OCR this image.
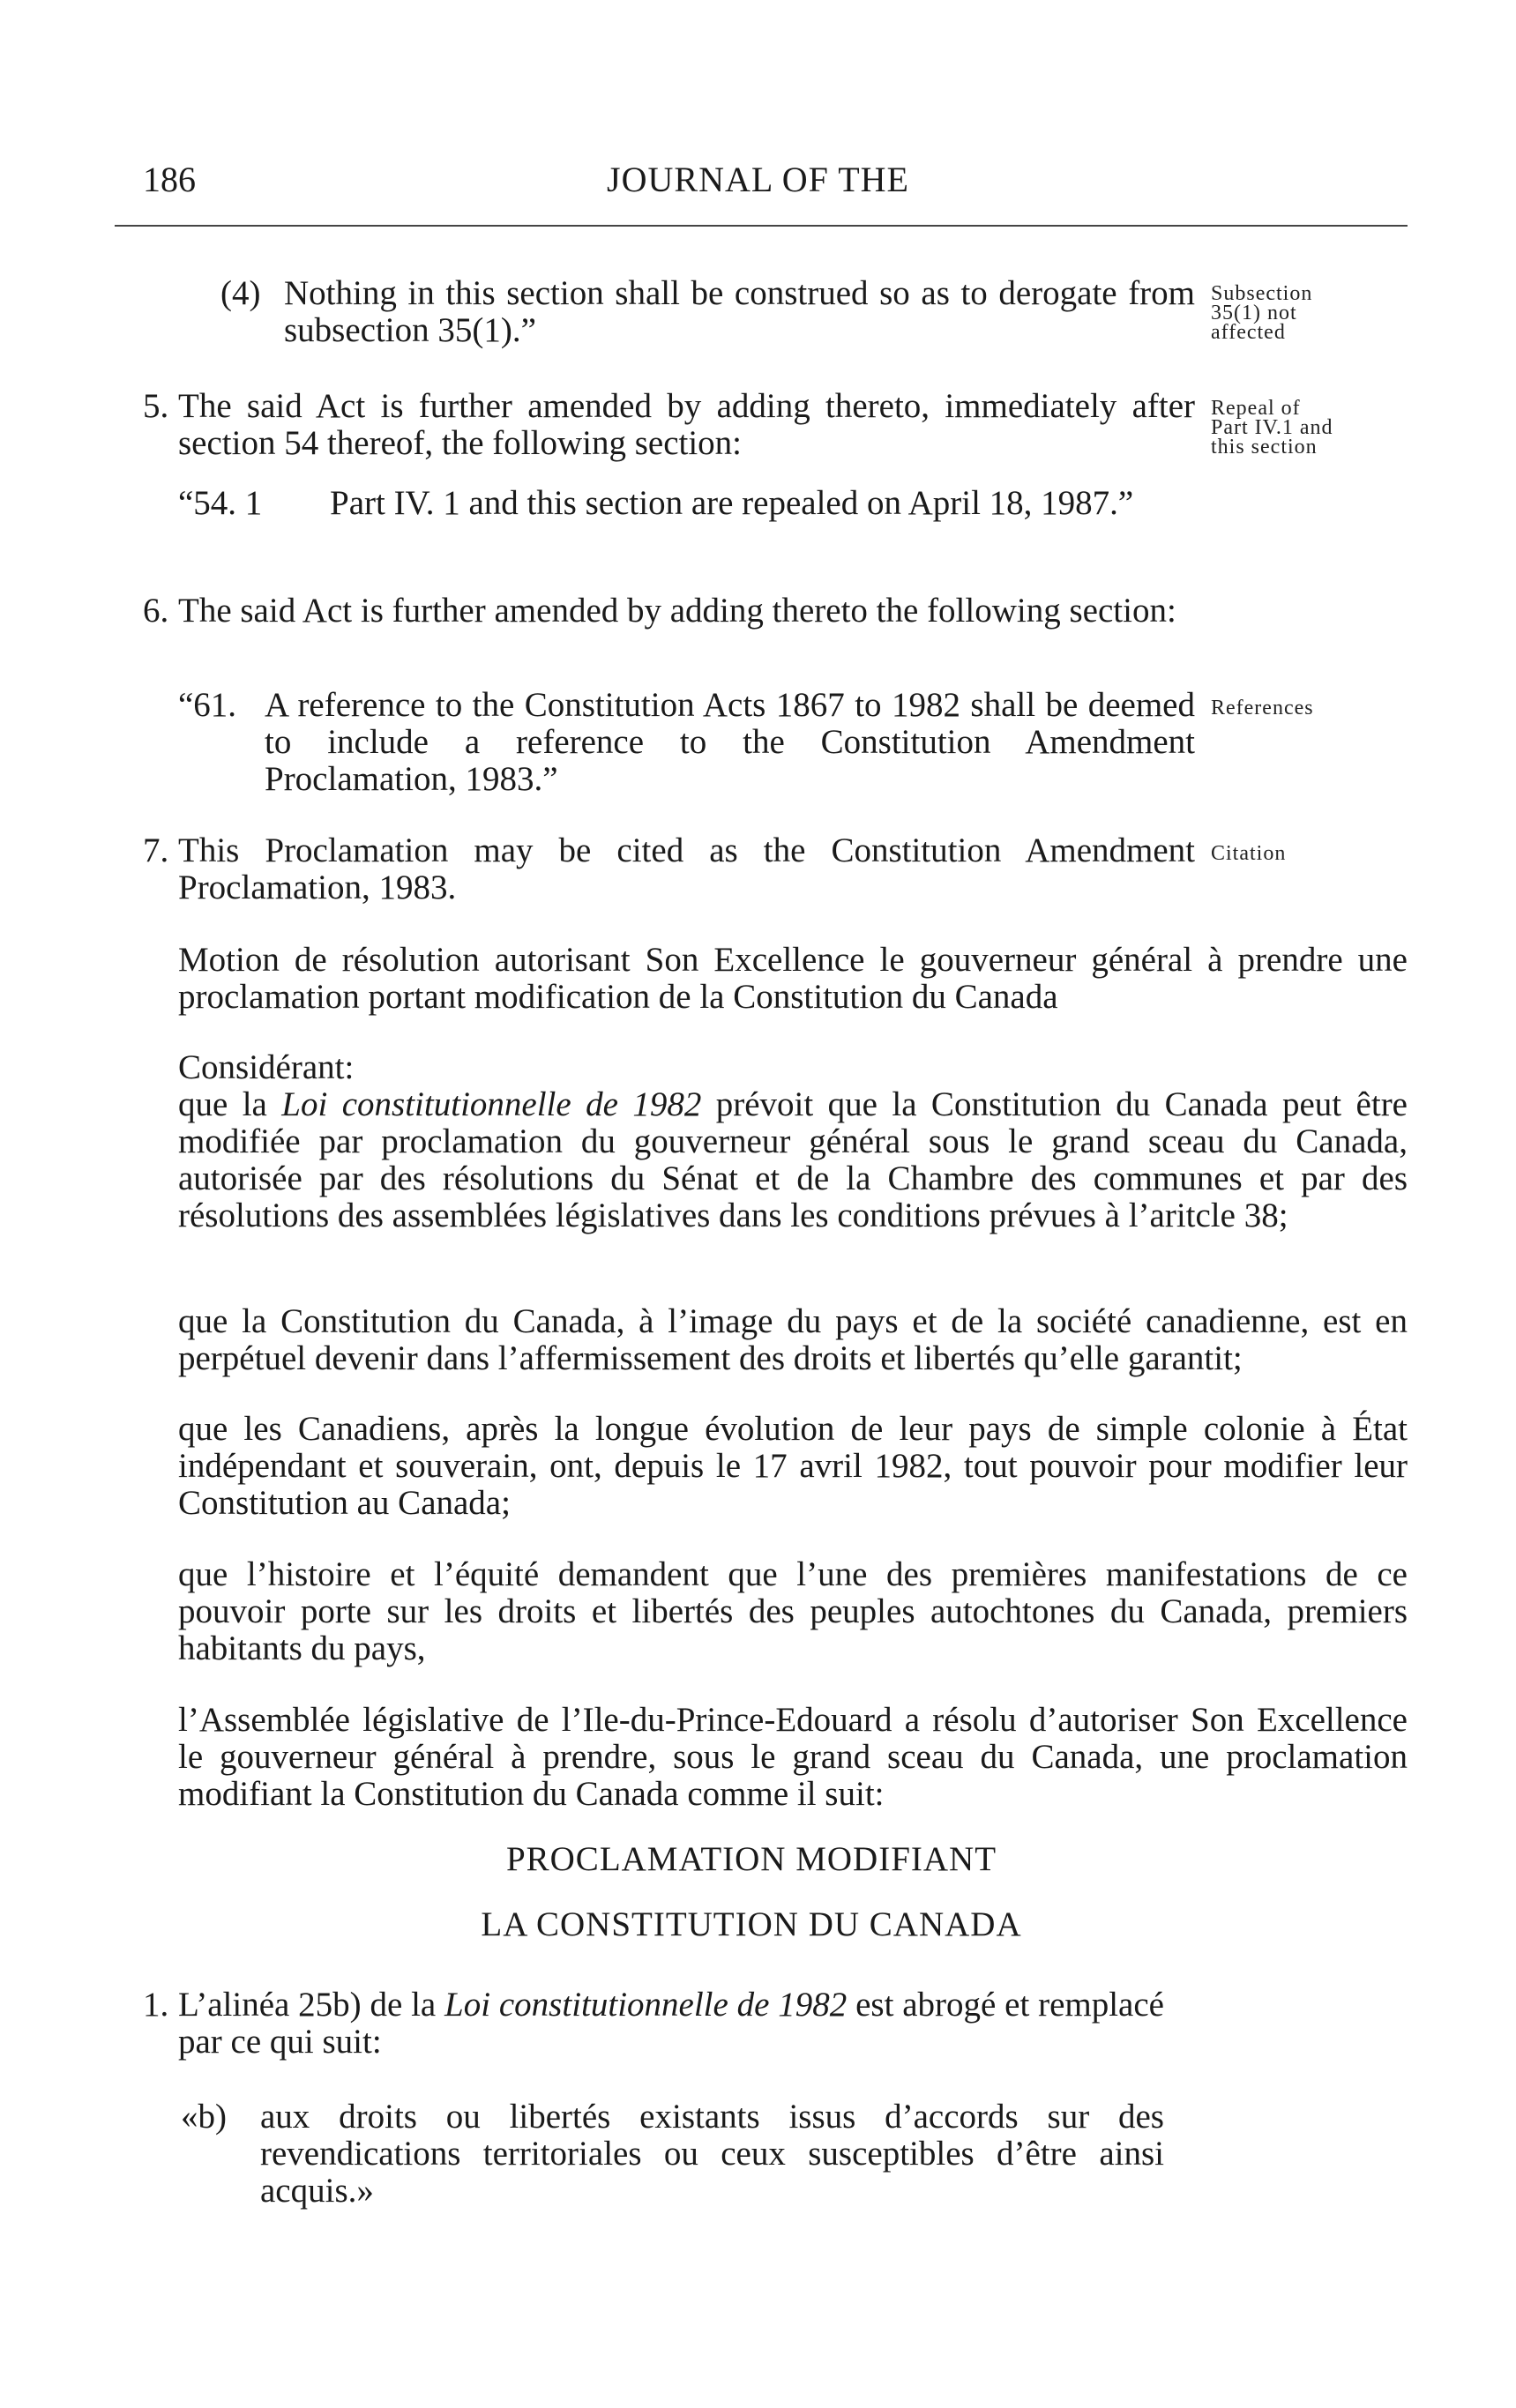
JOURNAL OF THE
186
(4) Nothing in this section shall be construed so as to derogate from subsection 35(1).”

Subsection
35(1) not
affected
5. The said Act is further amended by adding thereto, immediately after section 54 thereof, the following section:

Repeal of
Part IV.1 and
this section
“54. 1 Part IV. 1 and this section are repealed on April 18, 1987.”

6. The said Act is further amended by adding thereto the following section:

“61. A reference to the Constitution Acts 1867 to 1982 shall be deemed to include a reference to the Constitution Amendment Proclamation, 1983.”

References
7. This Proclamation may be cited as the Constitution Amendment Proclamation, 1983.

Citation

Motion de résolution autorisant Son Excellence le gouverneur général à prendre une proclamation portant modification de la Constitution du Canada

Considérant:

que la Loi constitutionnelle de 1982 prévoit que la Constitution du Canada peut être modifiée par proclamation du gouverneur général sous le grand sceau du Canada, autorisée par des résolutions du Sénat et de la Chambre des communes et par des résolutions des assemblées législatives dans les conditions prévues à l’aritcle 38;

que la Constitution du Canada, à l’image du pays et de la société canadienne, est en perpétuel devenir dans l’affermissement des droits et libertés qu’elle garantit;

que les Canadiens, après la longue évolution de leur pays de simple colonie à État indépendant et souverain, ont, depuis le 17 avril 1982, tout pouvoir pour modifier leur Constitution au Canada;

que l’histoire et l’équité demandent que l’une des premières manifestations de ce pouvoir porte sur les droits et libertés des peuples autochtones du Canada, premiers habitants du pays,

l’Assemblée législative de l’Ile-du-Prince-Edouard a résolu d’autoriser Son Excellence le gouverneur général à prendre, sous le grand sceau du Canada, une proclamation modifiant la Constitution du Canada comme il suit:

PROCLAMATION MODIFIANT
LA CONSTITUTION DU CANADA
1. L’alinéa 25b) de la Loi constitutionnelle de 1982 est abrogé et remplacé par ce qui suit:

«b) aux droits ou libertés existants issus d’accords sur des revendications territoriales ou ceux susceptibles d’être ainsi acquis.»
